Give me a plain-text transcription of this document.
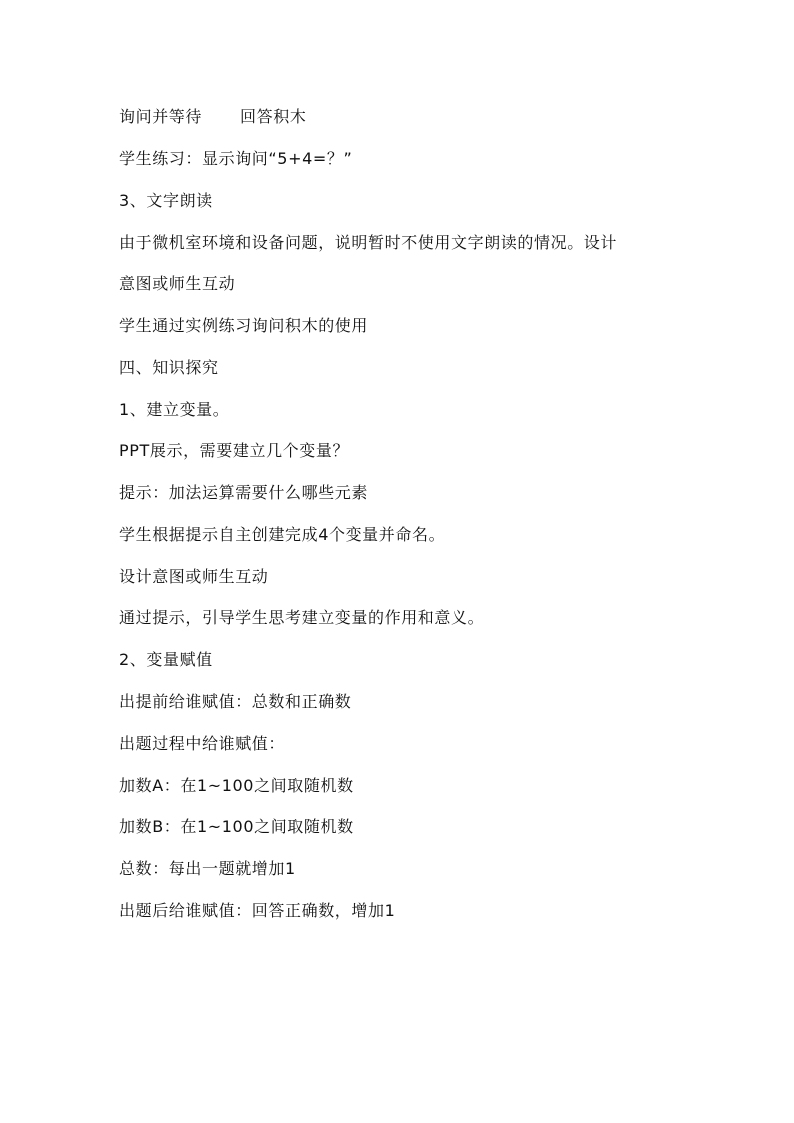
询问并等待 回答积木
学生练习：显示询问“5+4=？”
3、文字朗读
由于微机室环境和设备问题，说明暂时不使用文字朗读的情况。设计
意图或师生互动
学生通过实例练习询问积木的使用
四、知识探究
1、建立变量。
PPT展示，需要建立几个变量？
提示：加法运算需要什么哪些元素
学生根据提示自主创建完成4个变量并命名。
设计意图或师生互动
通过提示，引导学生思考建立变量的作用和意义。
2、变量赋值
出提前给谁赋值：总数和正确数
出题过程中给谁赋值：
加数A：在1~100之间取随机数
加数B：在1~100之间取随机数
总数：每出一题就增加1
出题后给谁赋值：回答正确数，增加1
